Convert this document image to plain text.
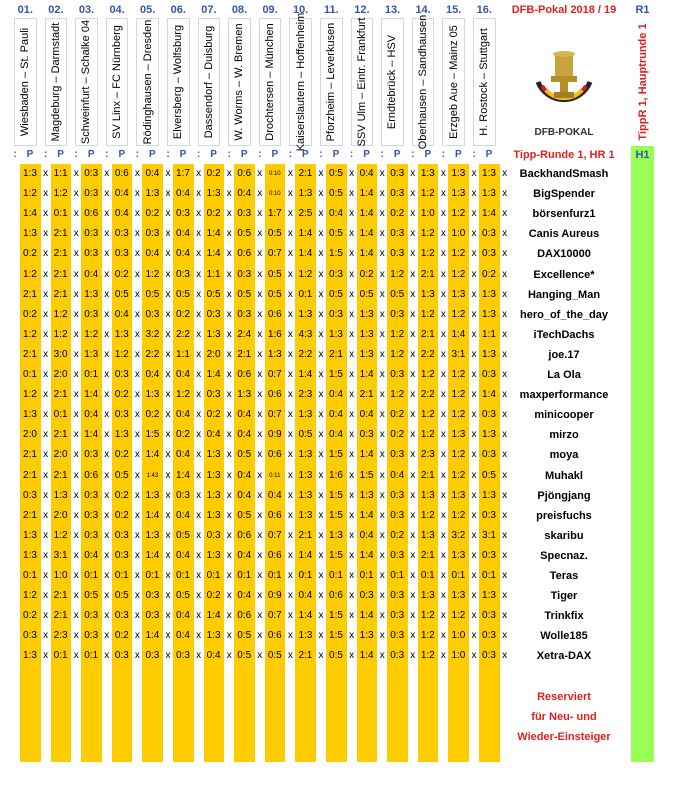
01.
Wiesbaden – St. Pauli
02.
Magdeburg – Darmstadt
03.
Schweinfurt – Schalke 04
04.
SV Linx – FC Nürnberg
05.
Rödinghausen – Dresden
06.
Elversberg – Wolfsburg
07.
Dassendorf – Duisburg
08.
W. Worms – W. Bremen
09.
Drochtersen – München
10.
Kaiserslautern – Hoffenheim
11.
Pforzheim – Leverkusen
12.
SSV Ulm – Eintr. Frankfurt
13.
Erndtebrück – HSV
14.
Oberhausen – Sandhausen
15.
Erzgeb Aue – Mainz 05
16.
H. Rostock – Stuttgart
: P	: P	: P	: P	: P	: P	: P	: P	: P	: P	: P	: P	: P	: P	: P	: P
DFB-Pokal 2018 / 19
DFB-POKAL
Tipp-Runde 1, HR 1
R1
H1
TippR 1, Hauptrunde 1
1:3 x 1:1 x 0:3 x 0:6 x 0:4 x 1:7 x 0:2 x 0:6 x	0:10 x 2:1 x 0:5 x 0:4 x 0:3 x 1:3 x 1:3 x 1:3 x	BackhandSmash
1:2 x 1:2 x 0:3 x 0:4 x 1:3 x 0:4 x 1:3 x 0:4 x	0:10 x 1:3 x 0:5 x 1:4 x 0:3 x 1:2 x 1:3 x 1:3 x	BigSpender
1:4 x 0:1 x 0:6 x 0:4 x 0:2 x 0:3 x 0:2 x 0:3 x 1:7 x 2:5 x 0:4 x 1:4 x 0:2 x 1:0 x 1:2 x 1:4 x	börsenfurz1
1:3 x 2:1 x 0:3 x 0:3 x 0:3 x 0:4 x 1:4 x 0:5 x 0:5 x 1:4 x 0:5 x 1:4 x 0:3 x 1:2 x 1:0 x 0:3 x	Canis Aureus
0:2 x 2:1 x 0:3 x 0:3 x 0:4 x 0:4 x 1:4 x 0:6 x 0:7 x 1:4 x 1:5 x 1:4 x 0:3 x 1:2 x 1:2 x 0:3 x	DAX10000
1:2 x 2:1 x 0:4 x 0:2 x 1:2 x 0:3 x 1:1 x 0:3 x 0:5 x 1:2 x 0:3 x 0:2 x 1:2 x 2:1 x 1:2 x 0:2 x	Excellence*
2:1 x 2:1 x 1:3 x 0:5 x 0:5 x 0:5 x 0:5 x 0:5 x 0:5 x 0:1 x 0:5 x 0:5 x 0:5 x 1:3 x 1:3 x 1:3 x	Hanging_Man
0:2 x 1:2 x 0:3 x 0:4 x 0:3 x 0:2 x 0:3 x 0:3 x 0:6 x 1:3 x 0:3 x 1:3 x 0:3 x 1:2 x 1:2 x 1:3 x	hero_of_the_day
1:2 x 1:2 x 1:2 x 1:3 x 3:2 x 2:2 x 1:3 x 2:4 x 1:6 x 4:3 x 1:3 x 1:3 x 1:2 x 2:1 x 1:4 x 1:1 x	iTechDachs
2:1 x 3:0 x 1:3 x 1:2 x 2:2 x 1:1 x 2:0 x 2:1 x 1:3 x 2:2 x 2:1 x 1:3 x 1:2 x 2:2 x 3:1 x 1:3 x	joe.17
0:1 x 2:0 x 0:1 x 0:3 x 0:4 x 0:4 x 1:4 x 0:6 x 0:7 x 1:4 x 1:5 x 1:4 x 0:3 x 1:2 x 1:2 x 0:3 x	La Ola
1:2 x 2:1 x 1:4 x 0:2 x 1:3 x 1:2 x 0:3 x 1:3 x 0:6 x 2:3 x 0:4 x 2:1 x 1:2 x 2:2 x 1:2 x 1:4 x	maxperformance
1:3 x 0:1 x 0:4 x 0:3 x 0:2 x 0:4 x 0:2 x 0:4 x 0:7 x 1:3 x 0:4 x 0:4 x 0:2 x 1:2 x 1:2 x 0:3 x	minicooper
2:0 x 2:1 x 1:4 x 1:3 x 1:5 x 0:2 x 0:4 x 0:4 x 0:9 x 0:5 x 0:4 x 0:3 x 0:2 x 1:2 x 1:3 x 1:3 x	mirzo
2:1 x 2:0 x 0:3 x 0:2 x 1:4 x 0:4 x 1:3 x 0:5 x 0:6 x 1:3 x 1:5 x 1:4 x 0:3 x 2:3 x 1:2 x 0:3 x	moya
2:1 x 2:1 x 0:6 x 0:5 x	1:43 x 1:4 x 1:3 x 0:4 x	0:11 x 1:3 x 1:6 x 1:5 x 0:4 x 2:1 x 1:2 x 0:5 x	Muhakl
0:3 x 1:3 x 0:3 x 0:2 x 1:3 x 0:3 x 1:3 x 0:4 x 0:4 x 1:3 x 1:5 x 1:3 x 0:3 x 1:3 x 1:3 x 1:3 x	Pjöngjang
2:1 x 2:0 x 0:3 x 0:2 x 1:4 x 0:4 x 1:3 x 0:5 x 0:6 x 1:3 x 1:5 x 1:4 x 0:3 x 1:2 x 1:2 x 0:3 x	preisfuchs
1:3 x 1:2 x 0:3 x 0:3 x 1:3 x 0:5 x 0:3 x 0:6 x 0:7 x 2:1 x 1:3 x 0:4 x 0:2 x 1:3 x 3:2 x 3:1 x	skaribu
1:3 x 3:1 x 0:4 x 0:3 x 1:4 x 0:4 x 1:3 x 0:4 x 0:6 x 1:4 x 1:5 x 1:4 x 0:3 x 2:1 x 1:3 x 0:3 x	Specnaz.
0:1 x 1:0 x 0:1 x 0:1 x 0:1 x 0:1 x 0:1 x 0:1 x 0:1 x 0:1 x 0:1 x 0:1 x 0:1 x 0:1 x 0:1 x 0:1 x	Teras
1:2 x 2:1 x 0:5 x 0:5 x 0:3 x 0:5 x 0:2 x 0:4 x 0:9 x 0:4 x 0:6 x 0:3 x 0:3 x 1:3 x 1:3 x 1:3 x	Tiger
0:2 x 2:1 x 0:3 x 0:3 x 0:3 x 0:4 x 1:4 x 0:6 x 0:7 x 1:4 x 1:5 x 1:4 x 0:3 x 1:2 x 1:2 x 0:3 x	Trinkfix
0:3 x 2:3 x 0:3 x 0:2 x 1:4 x 0:4 x 1:3 x 0:5 x 0:6 x 1:3 x 1:5 x 1:3 x 0:3 x 1:2 x 1:0 x 0:3 x	Wolle185
1:3 x 0:1 x 0:1 x 0:3 x 0:3 x 0:3 x 0:4 x 0:5 x 0:5 x 2:1 x 0:5 x 1:4 x 0:3 x 1:2 x 1:0 x 0:3 x	Xetra-DAX
Reserviert
für Neu- und
Wieder-Einsteiger
